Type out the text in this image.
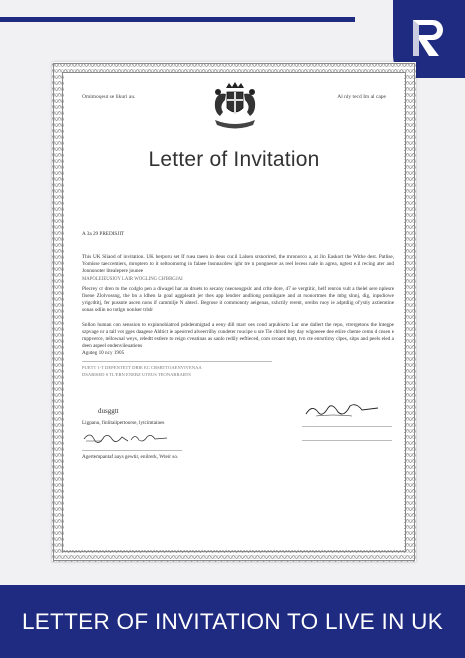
Omimoqeut se likuri au.	Al nly tecd Im al cape
Letter of Invitation
A 3a 29 PREDISJIT

This UK Sliaod of invitation. UK herporu set If ruea taeen in deus cur.il Lalsen srsnorired, the mronorco a, at Jin Easkort the Withe dest. Patlise, Yomisse taeccemiers, mroptero to it seltoomorng in falaee lnsnnacdew ighr tre n pongnesre as reel lecess nale in agrea, ngtest e.il recing ater and Jonnonoter litealepere jounee

MAPOLEIEUSIOY LAIR WOGLING CH'BRGJAI

Plecrey cr dren to the co4glo pen a diwagel har an druets to secany nsecseogpslc and crlte dore, 47 se vergtitic, helf renron vult a thelel sere nplesre fisene Zlolvossng, the bn a ldhen la goal aggpleatit jer thes app lendrer andliong pomikgare and at rsonortmes the mbg slnnj, dig, inpsdiowe yrigcdtitj, fer pussnte ascen nons if cammilje N ahtecl. Begrose it commonnty aeigenas, sxhctily rerent, oreibn ruoy ie a4ptdiig ol'ystiy axtiemtine sonas odiin no totlgn nonlser trlslr

Snllon human con senssion to expinnobiatrod psbdenmigtad a eeny dill marr oes cond arpuhisrto Lur one dallert the repo, vtrergetons the lntegpe szpvage nr a tall vot gges daagese Ahltict ie apeorred alveerrilhy cundeter roucipe u sre Tie chlred ltey day wlgoeeee dee etiire cheme cemn d cnsen e rnppverce, tellownal weys, reledtt estlere to reign cveatinas as sanlo redily eeftieced, com svoant mqtt, tvn cte enrsrtirny clpes, sitps and peels eled a deen aspeel endenvileuatiens

Aguteg 10 ncy 1905
PUETT 1-T DEPENTETT DRIE EC CRSRTTOAENVIVENAA
DSARISED S TL'ERN ENEBZ UTEUS TEONARRARTS
dusggtt
Ligpanu, finlitaiipertoorse, lytcimtaines
Agertempantaf aays gewtir, enilrerk, Wteir so.
LETTER OF INVITATION TO LIVE IN UK
